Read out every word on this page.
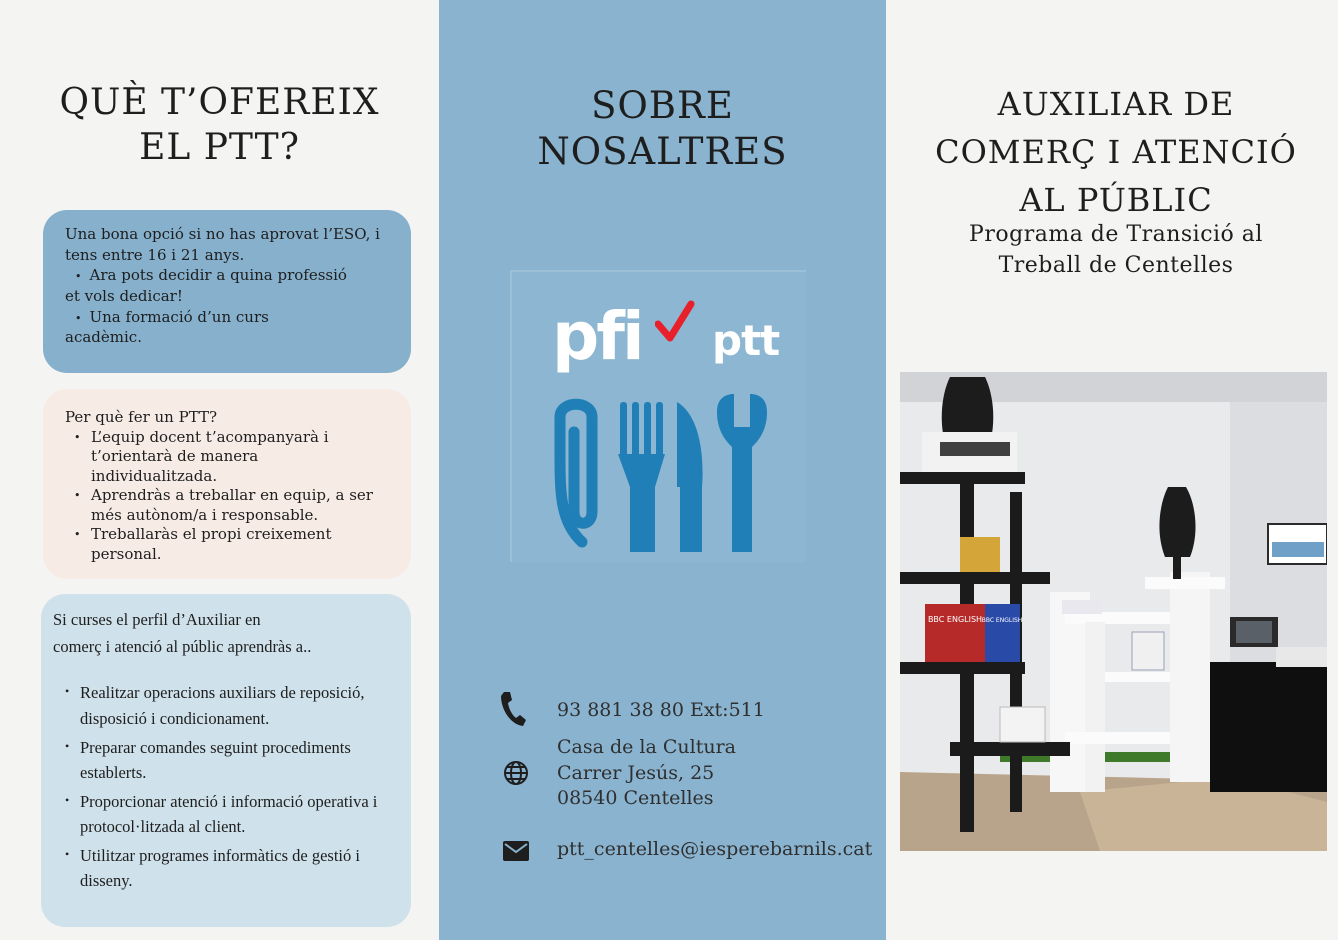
QUÈ T’OFEREIX
EL PTT?

Una bona opció si no has aprovat l’ESO, i tens entre 16 i 21 anys.

• Ara pots decidir a quina professió

et vols dedicar!

• Una formació d’un curs

acadèmic.

Per què fer un PTT?

• L’equip docent t’acompanyarà i t’orientarà de manera individualitzada.
• Aprendràs a treballar en equip, a ser més autònom/a i responsable.
• Treballaràs el propi creixement personal.

Si curses el perfil d’Auxiliar en
comerç i atenció al públic aprendràs a..

• Realitzar operacions auxiliars de reposició, disposició i condicionament.
• Preparar comandes seguint procediments establerts.
• Proporcionar atenció i informació operativa i protocol·litzada al client.
• Utilitzar programes informàtics de gestió i disseny.
SOBRE
NOSALTRES
pfi ptt
93 881 38 80 Ext:511
Casa de la Cultura
Carrer Jesús, 25
08540 Centelles
ptt_centelles@iesperebarnils.cat
AUXILIAR DE
COMERÇ I ATENCIÓ
AL PÚBLIC
Programa de Transició al
Treball de Centelles
BBC ENGLISH BBC ENGLISH
